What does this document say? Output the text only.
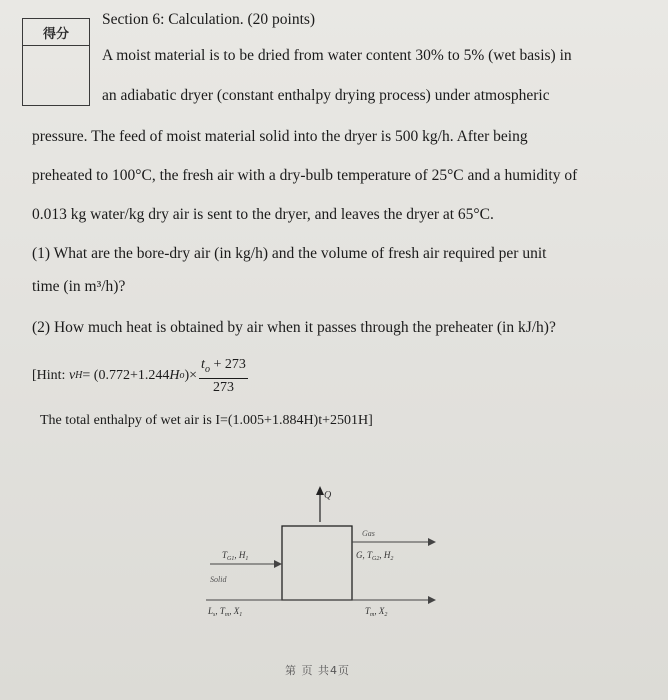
得分
Section 6: Calculation. (20 points)
A moist material is to be dried from water content 30% to 5% (wet basis) in
an adiabatic dryer (constant enthalpy drying process) under atmospheric
pressure. The feed of moist material solid into the dryer is 500 kg/h. After being
preheated to 100°C, the fresh air with a dry-bulb temperature of 25°C and a humidity of
0.013 kg water/kg dry air is sent to the dryer, and leaves the dryer at 65°C.
(1) What are the bore-dry air (in kg/h) and the volume of fresh air required per unit
time (in m³/h)?
(2) How much heat is obtained by air when it passes through the preheater (in kJ/h)?
[Hint:
v H = (0.772+1.244 H o )× $\frac{t_o + 273}{273}$
The total enthalpy of wet air is I=(1.005+1.884H)t+2501H]
Q
Gas
G, $T_{G2}$, $H_2$
$T_{G1}$, $H_1$
Solid
$L_s$, $T_m$, $X_1$	$T_m$, $X_2$
第 页 共4页
